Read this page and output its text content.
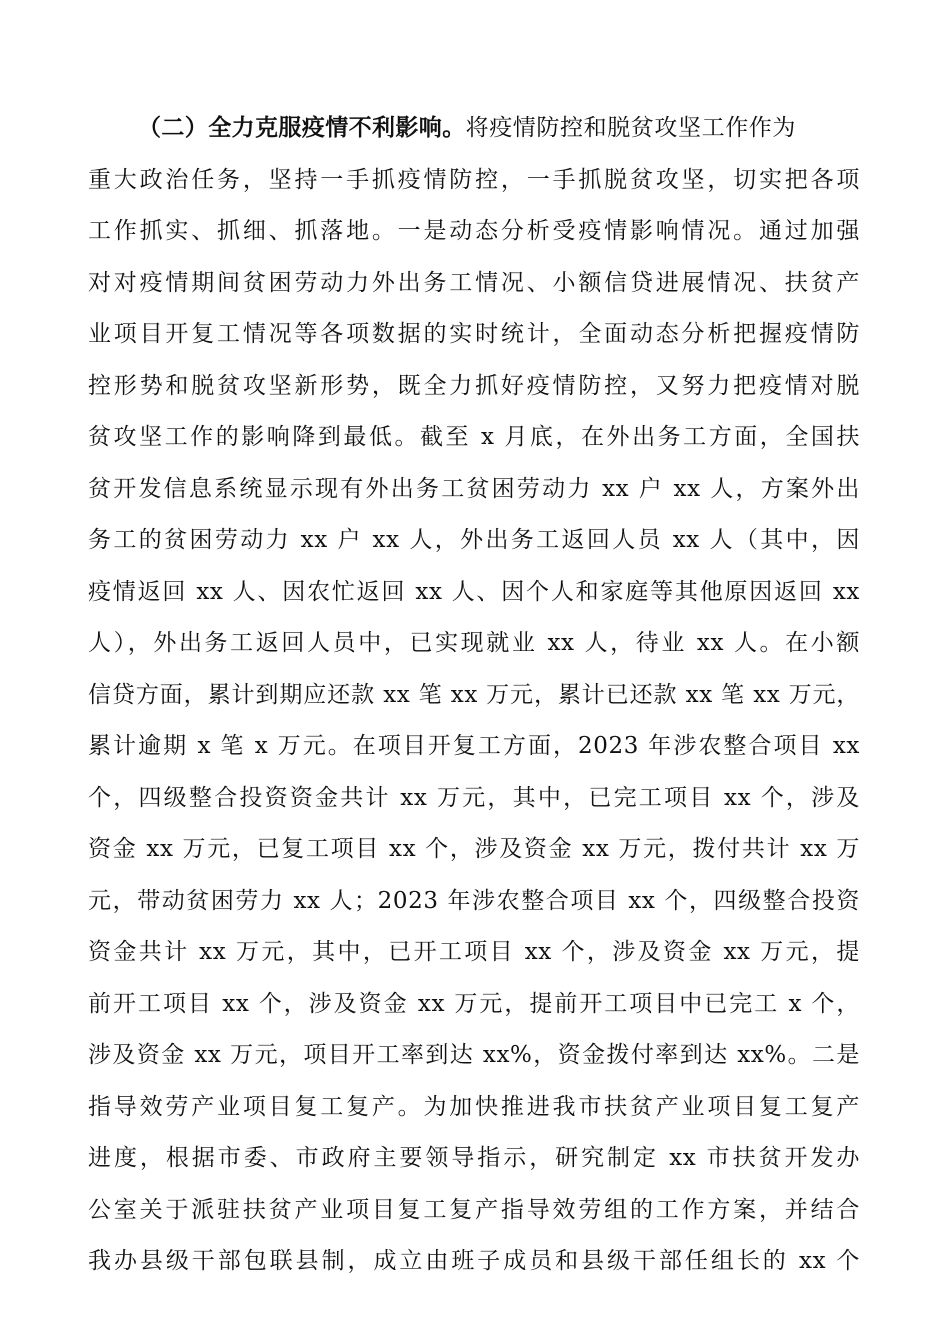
（二）全力克服疫情不利影响。将疫情防控和脱贫攻坚工作作为
重大政治任务，坚持一手抓疫情防控，一手抓脱贫攻坚，切实把各项
工作抓实、抓细、抓落地。一是动态分析受疫情影响情况。通过加强
对对疫情期间贫困劳动力外出务工情况、小额信贷进展情况、扶贫产
业项目开复工情况等各项数据的实时统计，全面动态分析把握疫情防
控形势和脱贫攻坚新形势，既全力抓好疫情防控，又努力把疫情对脱
贫攻坚工作的影响降到最低。截至 x 月底，在外出务工方面，全国扶
贫开发信息系统显示现有外出务工贫困劳动力 xx 户 xx 人，方案外出
务工的贫困劳动力 xx 户 xx 人，外出务工返回人员 xx 人（其中，因
疫情返回 xx 人、因农忙返回 xx 人、因个人和家庭等其他原因返回 xx
人），外出务工返回人员中，已实现就业 xx 人，待业 xx 人。在小额
信贷方面，累计到期应还款 xx 笔 xx 万元，累计已还款 xx 笔 xx 万元，
累计逾期 x 笔 x 万元。在项目开复工方面，2023 年涉农整合项目 xx
个，四级整合投资资金共计 xx 万元，其中，已完工项目 xx 个，涉及
资金 xx 万元，已复工项目 xx 个，涉及资金 xx 万元，拨付共计 xx 万
元，带动贫困劳力 xx 人；2023 年涉农整合项目 xx 个，四级整合投资
资金共计 xx 万元，其中，已开工项目 xx 个，涉及资金 xx 万元，提
前开工项目 xx 个，涉及资金 xx 万元，提前开工项目中已完工 x 个，
涉及资金 xx 万元，项目开工率到达 xx%，资金拨付率到达 xx%。二是
指导效劳产业项目复工复产。为加快推进我市扶贫产业项目复工复产
进度，根据市委、市政府主要领导指示，研究制定 xx 市扶贫开发办
公室关于派驻扶贫产业项目复工复产指导效劳组的工作方案，并结合
我办县级干部包联县制，成立由班子成员和县级干部任组长的 xx 个
